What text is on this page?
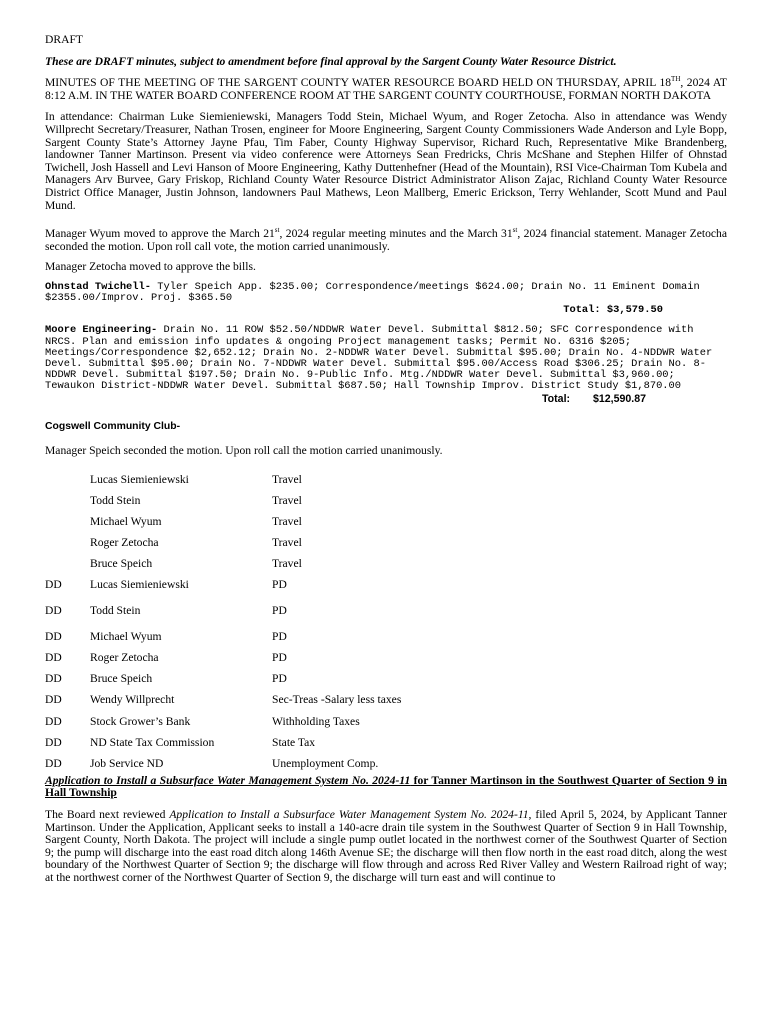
DRAFT

These are DRAFT minutes, subject to amendment before final approval by the Sargent County Water Resource District.

MINUTES OF THE MEETING OF THE SARGENT COUNTY WATER RESOURCE BOARD HELD ON THURSDAY, APRIL 18TH, 2024 AT 8:12 A.M. IN THE WATER BOARD CONFERENCE ROOM AT THE SARGENT COUNTY COURTHOUSE, FORMAN NORTH DAKOTA

In attendance: Chairman Luke Siemieniewski, Managers Todd Stein, Michael Wyum, and Roger Zetocha. Also in attendance was Wendy Willprecht Secretary/Treasurer, Nathan Trosen, engineer for Moore Engineering, Sargent County Commissioners Wade Anderson and Lyle Bopp, Sargent County State’s Attorney Jayne Pfau, Tim Faber, County Highway Supervisor, Richard Ruch, Representative Mike Brandenberg, landowner Tanner Martinson. Present via video conference were Attorneys Sean Fredricks, Chris McShane and Stephen Hilfer of Ohnstad Twichell, Josh Hassell and Levi Hanson of Moore Engineering, Kathy Duttenhefner (Head of the Mountain), RSI Vice-Chairman Tom Kubela and Managers Arv Burvee, Gary Friskop, Richland County Water Resource District Administrator Alison Zajac, Richland County Water Resource District Office Manager, Justin Johnson, landowners Paul Mathews, Leon Mallberg, Emeric Erickson, Terry Wehlander, Scott Mund and Paul Mund.

Manager Wyum moved to approve the March 21st, 2024 regular meeting minutes and the March 31st, 2024 financial statement. Manager Zetocha seconded the motion. Upon roll call vote, the motion carried unanimously.

Manager Zetocha moved to approve the bills.

Ohnstad Twichell- Tyler Speich App. $235.00; Correspondence/meetings $624.00; Drain No. 11 Eminent Domain $2355.00/Improv. Proj. $365.50

Total: $3,579.50

Moore Engineering- Drain No. 11 ROW $52.50/NDDWR Water Devel. Submittal $812.50; SFC Correspondence with NRCS. Plan and emission info updates & ongoing Project management tasks; Permit No. 6316 $205; Meetings/Correspondence $2,652.12; Drain No. 2-NDDWR Water Devel. Submittal $95.00; Drain No. 4-NDDWR Water Devel. Submittal $95.00; Drain No. 7-NDDWR Water Devel. Submittal $95.00/Access Road $306.25; Drain No. 8-NDDWR Devel. Submittal $197.50; Drain No. 9-Public Info. Mtg./NDDWR Water Devel. Submittal $3,960.00; Tewaukon District-NDDWR Water Devel. Submittal $687.50; Hall Township Improv. District Study $1,870.00

Total: $12,590.87

Cogswell Community Club-

Manager Speich seconded the motion. Upon roll call the motion carried unanimously.

Lucas Siemieniewski	Travel
Todd Stein	Travel
Michael Wyum	Travel
Roger Zetocha	Travel
Bruce Speich	Travel
DD Lucas Siemieniewski	PD
DD Todd Stein	PD
DD Michael Wyum	PD
DD Roger Zetocha	PD
DD Bruce Speich	PD
DD Wendy Willprecht	Sec-Treas -Salary less taxes
DD Stock Grower’s Bank	Withholding Taxes
DD ND State Tax Commission	State Tax
DD Job Service ND	Unemployment Comp.

Application to Install a Subsurface Water Management System No. 2024-11 for Tanner Martinson in the Southwest Quarter of Section 9 in Hall Township

The Board next reviewed Application to Install a Subsurface Water Management System No. 2024-11, filed April 5, 2024, by Applicant Tanner Martinson. Under the Application, Applicant seeks to install a 140-acre drain tile system in the Southwest Quarter of Section 9 in Hall Township, Sargent County, North Dakota. The project will include a single pump outlet located in the northwest corner of the Southwest Quarter of Section 9; the pump will discharge into the east road ditch along 146th Avenue SE; the discharge will then flow north in the east road ditch, along the west boundary of the Northwest Quarter of Section 9; the discharge will flow through and across Red River Valley and Western Railroad right of way; at the northwest corner of the Northwest Quarter of Section 9, the discharge will turn east and will continue to
